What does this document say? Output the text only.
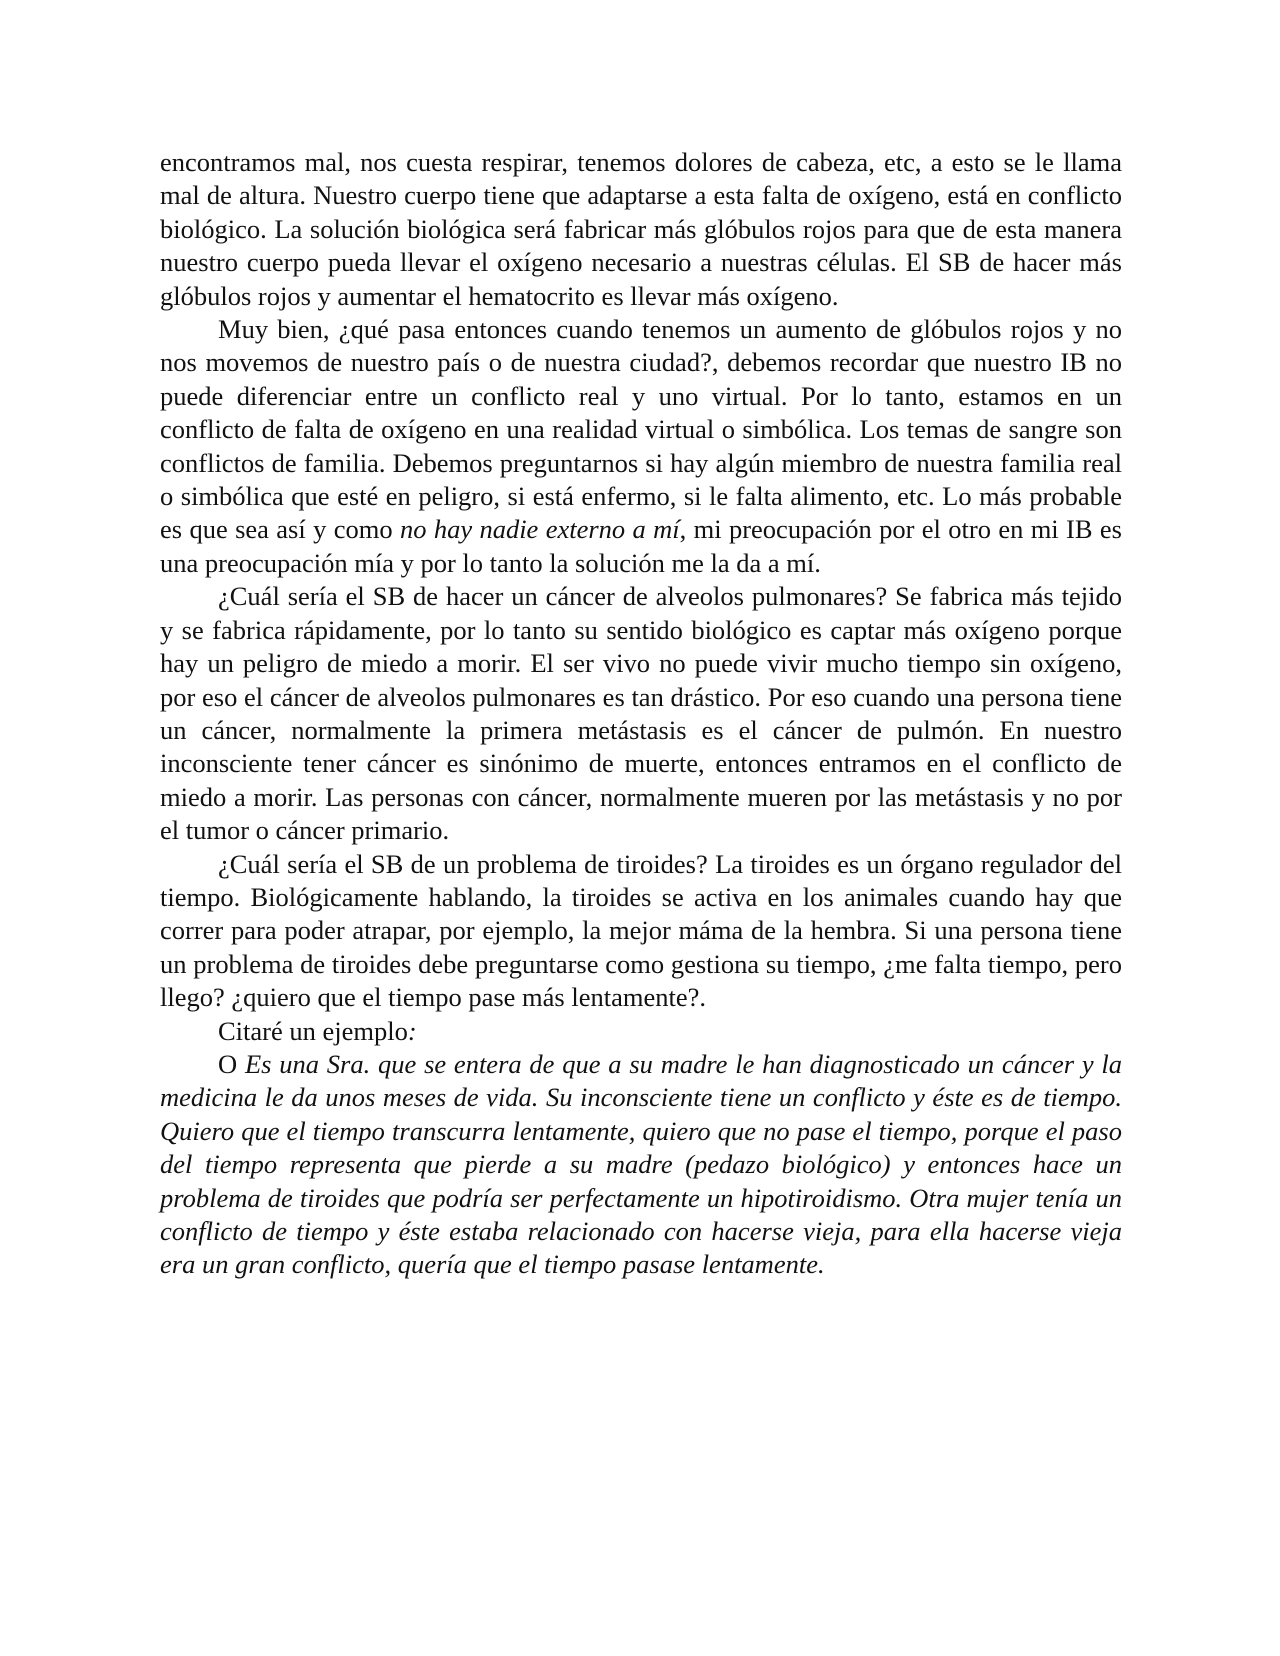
encontramos mal, nos cuesta respirar, tenemos dolores de cabeza, etc, a esto se le llama mal de altura. Nuestro cuerpo tiene que adaptarse a esta falta de oxígeno, está en conflicto biológico. La solución biológica será fabricar más glóbulos rojos para que de esta manera nuestro cuerpo pueda llevar el oxígeno necesario a nuestras células. El SB de hacer más glóbulos rojos y aumentar el hematocrito es llevar más oxígeno.

Muy bien, ¿qué pasa entonces cuando tenemos un aumento de glóbulos rojos y no nos movemos de nuestro país o de nuestra ciudad?, debemos recordar que nuestro IB no puede diferenciar entre un conflicto real y uno virtual. Por lo tanto, estamos en un conflicto de falta de oxígeno en una realidad virtual o simbólica. Los temas de sangre son conflictos de familia. Debemos preguntarnos si hay algún miembro de nuestra familia real o simbólica que esté en peligro, si está enfermo, si le falta alimento, etc. Lo más probable es que sea así y como no hay nadie externo a mí, mi preocupación por el otro en mi IB es una preocupación mía y por lo tanto la solución me la da a mí.

¿Cuál sería el SB de hacer un cáncer de alveolos pulmonares? Se fabrica más tejido y se fabrica rápidamente, por lo tanto su sentido biológico es captar más oxígeno porque hay un peligro de miedo a morir. El ser vivo no puede vivir mucho tiempo sin oxígeno, por eso el cáncer de alveolos pulmonares es tan drástico. Por eso cuando una persona tiene un cáncer, normalmente la primera metástasis es el cáncer de pulmón. En nuestro inconsciente tener cáncer es sinónimo de muerte, entonces entramos en el conflicto de miedo a morir. Las personas con cáncer, normalmente mueren por las metástasis y no por el tumor o cáncer primario.

¿Cuál sería el SB de un problema de tiroides? La tiroides es un órgano regulador del tiempo. Biológicamente hablando, la tiroides se activa en los animales cuando hay que correr para poder atrapar, por ejemplo, la mejor máma de la hembra. Si una persona tiene un problema de tiroides debe preguntarse como gestiona su tiempo, ¿me falta tiempo, pero llego? ¿quiero que el tiempo pase más lentamente?.

Citaré un ejemplo:

O Es una Sra. que se entera de que a su madre le han diagnosticado un cáncer y la medicina le da unos meses de vida. Su inconsciente tiene un conflicto y éste es de tiempo. Quiero que el tiempo transcurra lentamente, quiero que no pase el tiempo, porque el paso del tiempo representa que pierde a su madre (pedazo biológico) y entonces hace un problema de tiroides que podría ser perfectamente un hipotiroidismo. Otra mujer tenía un conflicto de tiempo y éste estaba relacionado con hacerse vieja, para ella hacerse vieja era un gran conflicto, quería que el tiempo pasase lentamente.
